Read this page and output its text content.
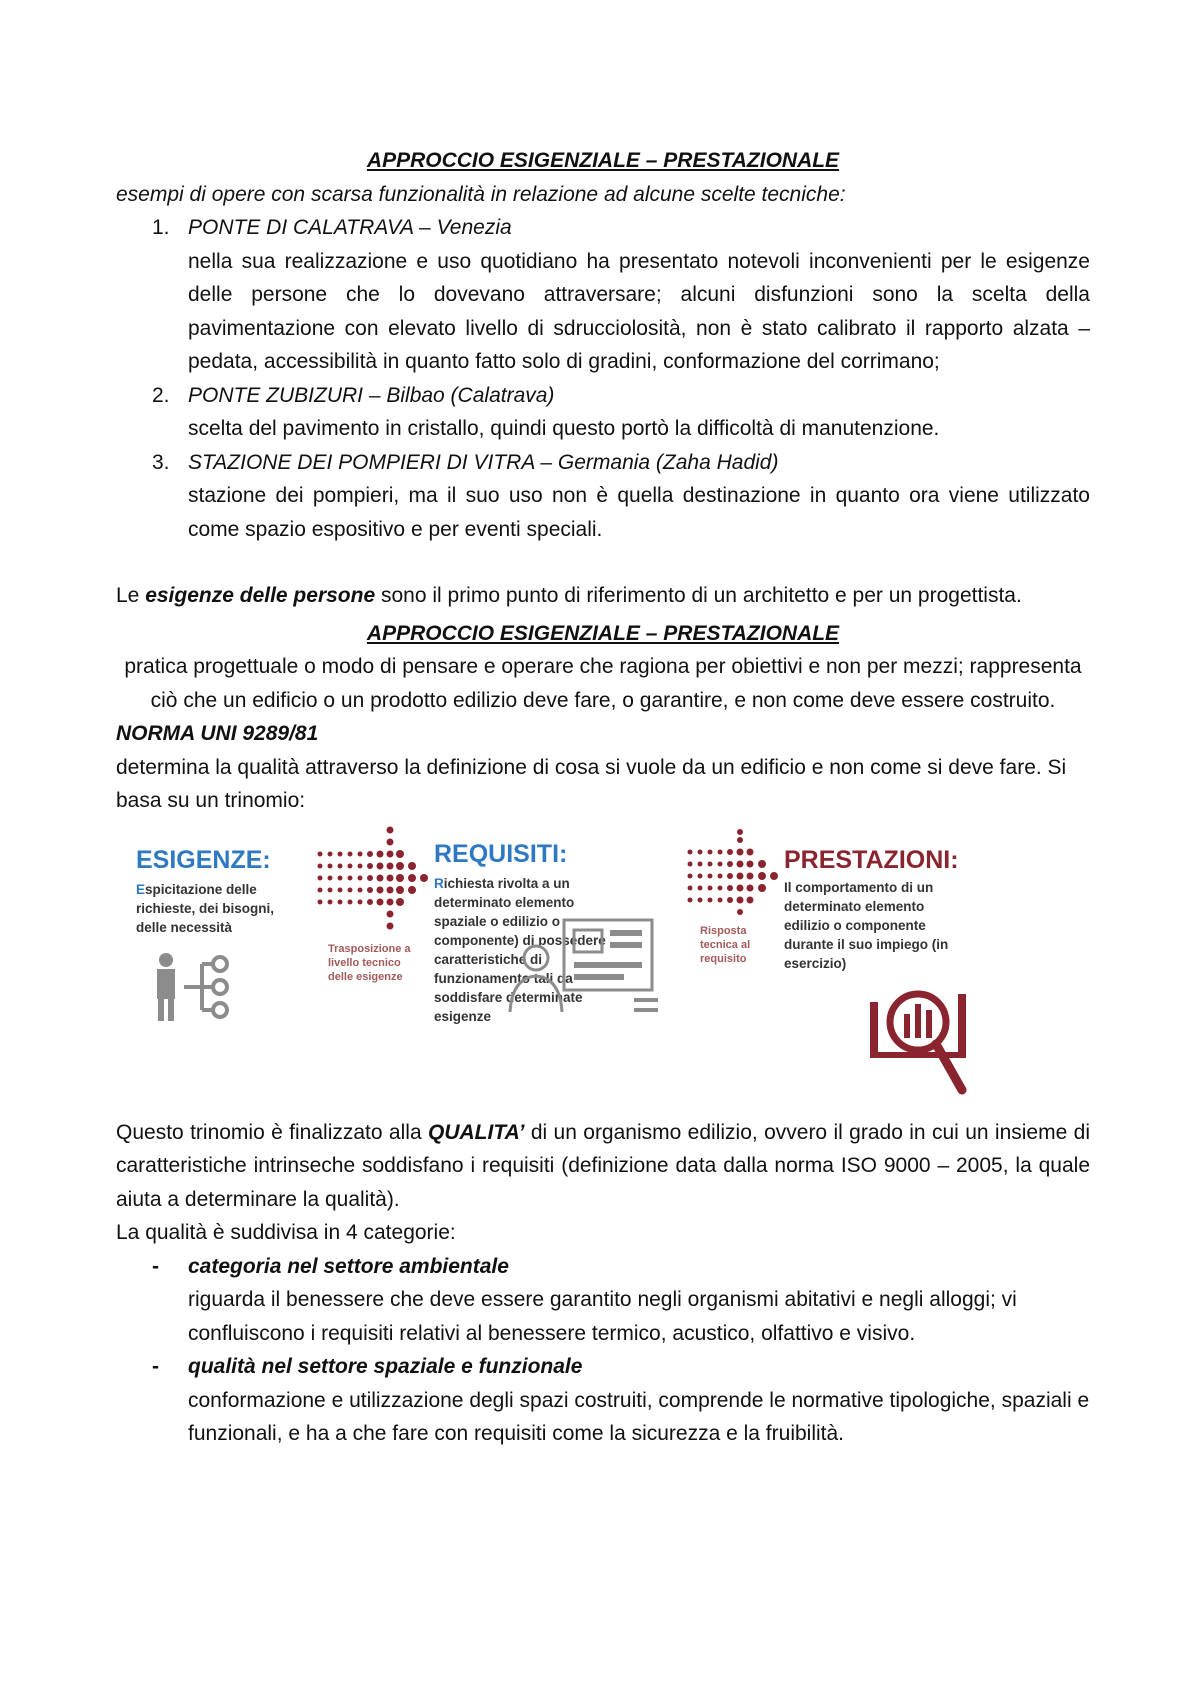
APPROCCIO ESIGENZIALE – PRESTAZIONALE

esempi di opere con scarsa funzionalità in relazione ad alcune scelte tecniche:
1. PONTE DI CALATRAVA – Venezia
nella sua realizzazione e uso quotidiano ha presentato notevoli inconvenienti per le esigenze delle persone che lo dovevano attraversare; alcuni disfunzioni sono la scelta della pavimentazione con elevato livello di sdrucciolosità, non è stato calibrato il rapporto alzata – pedata, accessibilità in quanto fatto solo di gradini, conformazione del corrimano;
2. PONTE ZUBIZURI – Bilbao (Calatrava)
scelta del pavimento in cristallo, quindi questo portò la difficoltà di manutenzione.
3. STAZIONE DEI POMPIERI DI VITRA – Germania (Zaha Hadid)
stazione dei pompieri, ma il suo uso non è quella destinazione in quanto ora viene utilizzato come spazio espositivo e per eventi speciali.
Le esigenze delle persone sono il primo punto di riferimento di un architetto e per un progettista.

APPROCCIO ESIGENZIALE – PRESTAZIONALE

pratica progettuale o modo di pensare e operare che ragiona per obiettivi e non per mezzi; rappresenta ciò che un edificio o un prodotto edilizio deve fare, o garantire, e non come deve essere costruito.
NORMA UNI 9289/81
determina la qualità attraverso la definizione di cosa si vuole da un edificio e non come si deve fare. Si basa su un trinomio:
ESIGENZE:
Espicitazione delle richieste, dei bisogni, delle necessità
Trasposizione a livello tecnico delle esigenze
REQUISITI:
Richiesta rivolta a un determinato elemento spaziale o edilizio o componente) di possedere caratteristiche di funzionamento tali da soddisfare determinate esigenze
Risposta tecnica al requisito
PRESTAZIONI:
Il comportamento di un determinato elemento edilizio o componente durante il suo impiego (in esercizio)
Questo trinomio è finalizzato alla QUALITA’ di un organismo edilizio, ovvero il grado in cui un insieme di caratteristiche intrinseche soddisfano i requisiti (definizione data dalla norma ISO 9000 – 2005, la quale aiuta a determinare la qualità).
La qualità è suddivisa in 4 categorie:
- categoria nel settore ambientale
riguarda il benessere che deve essere garantito negli organismi abitativi e negli alloggi; vi confluiscono i requisiti relativi al benessere termico, acustico, olfattivo e visivo.
- qualità nel settore spaziale e funzionale
conformazione e utilizzazione degli spazi costruiti, comprende le normative tipologiche, spaziali e funzionali, e ha a che fare con requisiti come la sicurezza e la fruibilità.
